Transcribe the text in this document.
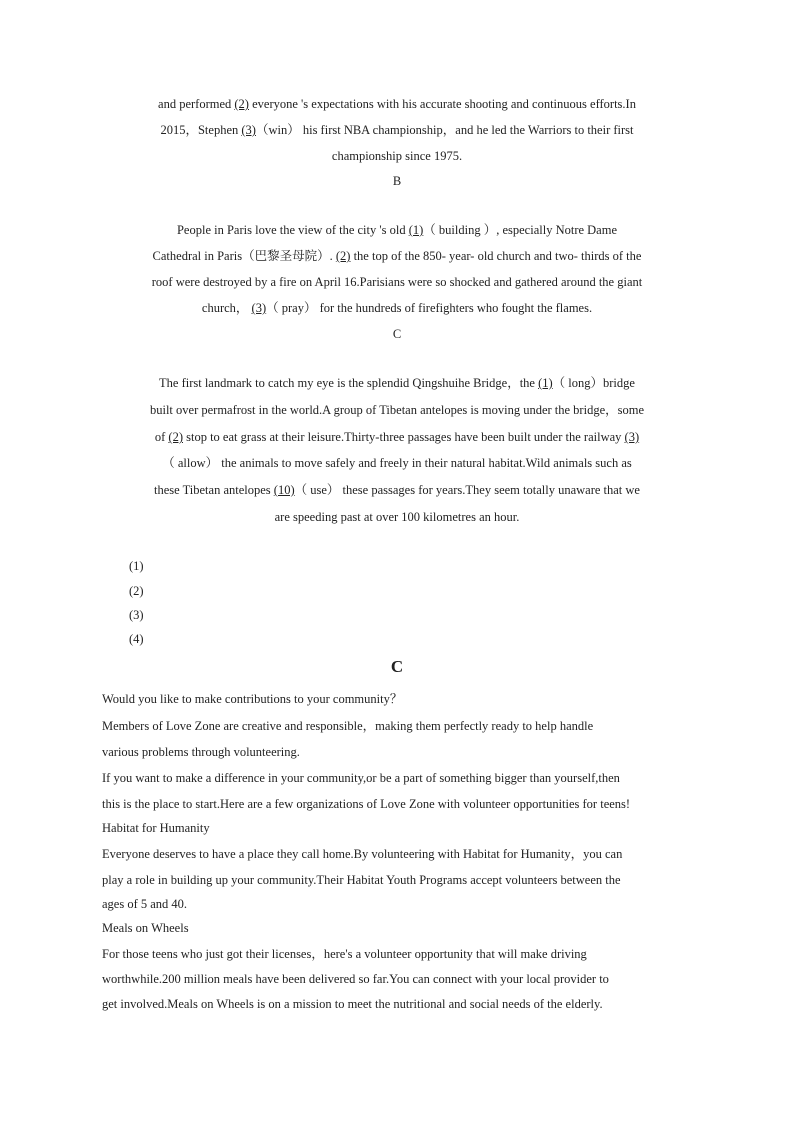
and performed (2) everyone 's expectations with his accurate shooting and continuous efforts.In
2015，Stephen (3)（win） his first NBA championship，and he led the Warriors to their first
championship since 1975.
B
People in Paris love the view of the city 's old (1)（ building ）, especially Notre Dame
Cathedral in Paris（巴黎圣母院）. (2) the top of the 850- year- old church and two- thirds of the
roof were destroyed by a fire on April 16.Parisians were so shocked and gathered around the giant
church， (3)（ pray） for the hundreds of firefighters who fought the flames.
C
The first landmark to catch my eye is the splendid Qingshuihe Bridge，the (1)（ long）bridge
built over permafrost in the world.A group of Tibetan antelopes is moving under the bridge，some
of (2) stop to eat grass at their leisure.Thirty-three passages have been built under the railway (3)
（ allow） the animals to move safely and freely in their natural habitat.Wild animals such as
these Tibetan antelopes (10)（ use） these passages for years.They seem totally unaware that we
are speeding past at over 100 kilometres an hour.
(1)
(2)
(3)
(4)
C
Would you like to make contributions to your community？
Members of Love Zone are creative and responsible，making them perfectly ready to help handle
various problems through volunteering.
If you want to make a difference in your community,or be a part of something bigger than yourself,then
this is the place to start.Here are a few organizations of Love Zone with volunteer opportunities for teens!
Habitat for Humanity
Everyone deserves to have a place they call home.By volunteering with Habitat for Humanity，you can
play a role in building up your community.Their Habitat Youth Programs accept volunteers between the
ages of 5 and 40.
Meals on Wheels
For those teens who just got their licenses，here's a volunteer opportunity that will make driving
worthwhile.200 million meals have been delivered so far.You can connect with your local provider to
get involved.Meals on Wheels is on a mission to meet the nutritional and social needs of the elderly.
